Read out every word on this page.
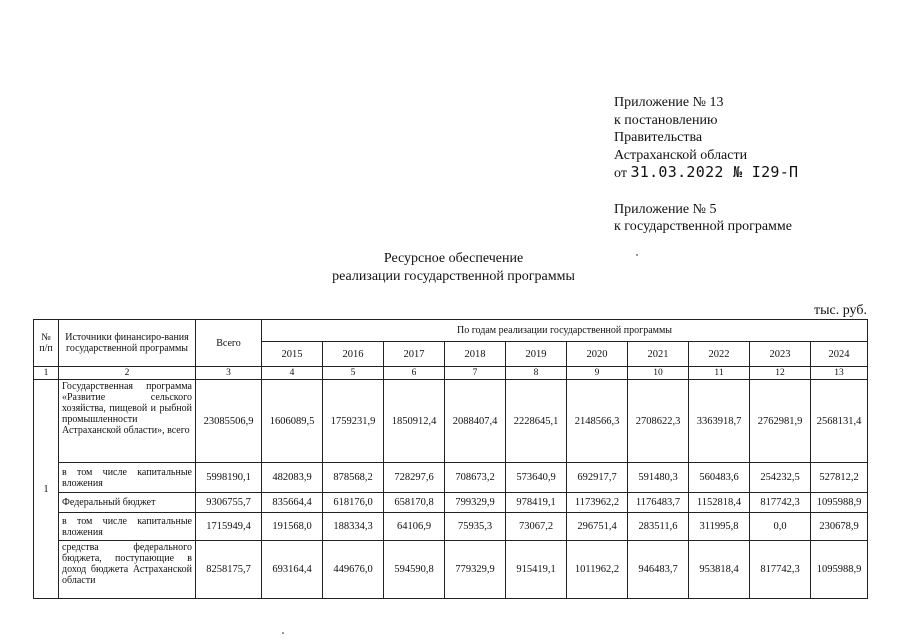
Приложение № 13
к постановлению
Правительства
Астраханской области
от 31.03.2022 № I29-П
Приложение № 5
к государственной программе
Ресурсное обеспечение
реализации государственной программы
тыс. руб.
№ п/п	Источники финансиро-вания государственной программы	Всего	По годам реализации государственной программы									
			2015	2016	2017	2018	2019	2020	2021	2022	2023	2024
1	2	3	4	5	6	7	8	9	10	11	12	13
1	Государственная программа «Развитие сельского хозяйства, пищевой и рыбной промышленности Астраханской области», всего	23085506,9	1606089,5	1759231,9	1850912,4	2088407,4	2228645,1	2148566,3	2708622,3	3363918,7	2762981,9	2568131,4
	в том числе капитальные вложения	5998190,1	482083,9	878568,2	728297,6	708673,2	573640,9	692917,7	591480,3	560483,6	254232,5	527812,2
	Федеральный бюджет	9306755,7	835664,4	618176,0	658170,8	799329,9	978419,1	1173962,2	1176483,7	1152818,4	817742,3	1095988,9
	в том числе капитальные вложения	1715949,4	191568,0	188334,3	64106,9	75935,3	73067,2	296751,4	283511,6	311995,8	0,0	230678,9
	средства федерального бюджета, поступающие в доход бюджета Астраханской области	8258175,7	693164,4	449676,0	594590,8	779329,9	915419,1	1011962,2	946483,7	953818,4	817742,3	1095988,9
